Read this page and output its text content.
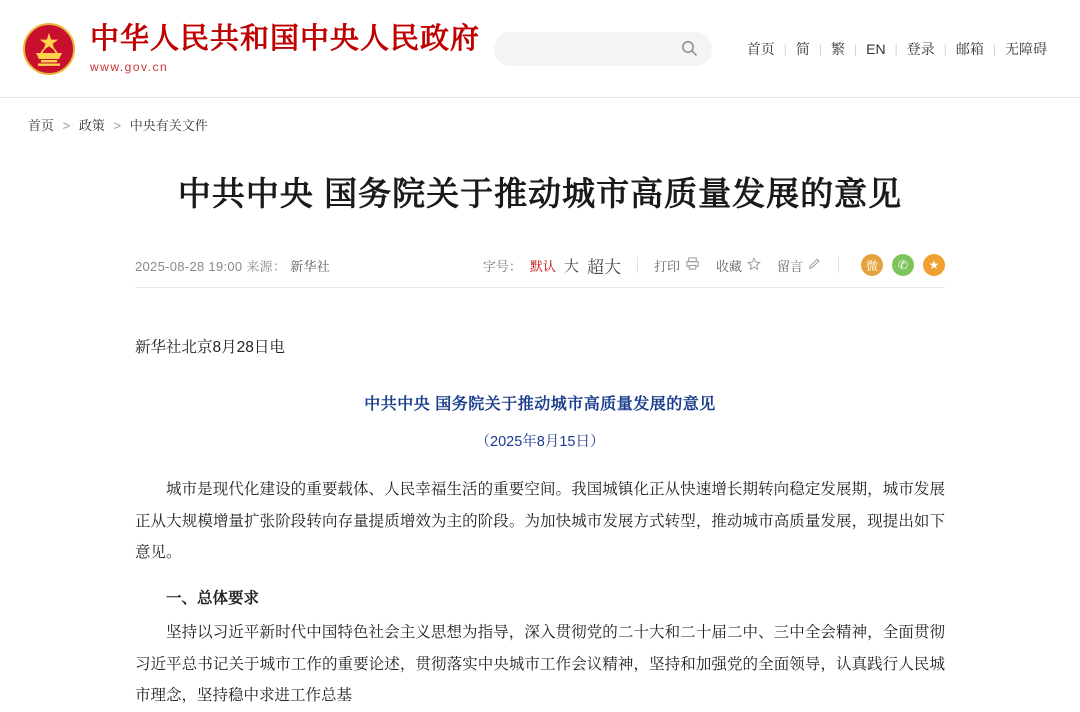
中华人民共和国中央人民政府
www.gov.cn
首页 | 简 | 繁 | EN | 登录 | 邮箱 | 无障碍
首页 > 政策 > 中央有关文件
中共中央 国务院关于推动城市高质量发展的意见
2025-08-28 19:00 来源： 新华社	字号： 默认 大 超大	打印	收藏	留言	微	✆	★

新华社北京8月28日电

中共中央 国务院关于推动城市高质量发展的意见

（2025年8月15日）

城市是现代化建设的重要载体、人民幸福生活的重要空间。我国城镇化正从快速增长期转向稳定发展期，城市发展正从大规模增量扩张阶段转向存量提质增效为主的阶段。为加快城市发展方式转型，推动城市高质量发展，现提出如下意见。

一、总体要求

坚持以习近平新时代中国特色社会主义思想为指导，深入贯彻党的二十大和二十届二中、三中全会精神，全面贯彻习近平总书记关于城市工作的重要论述，贯彻落实中央城市工作会议精神，坚持和加强党的全面领导，认真践行人民城市理念，坚持稳中求进工作总基
